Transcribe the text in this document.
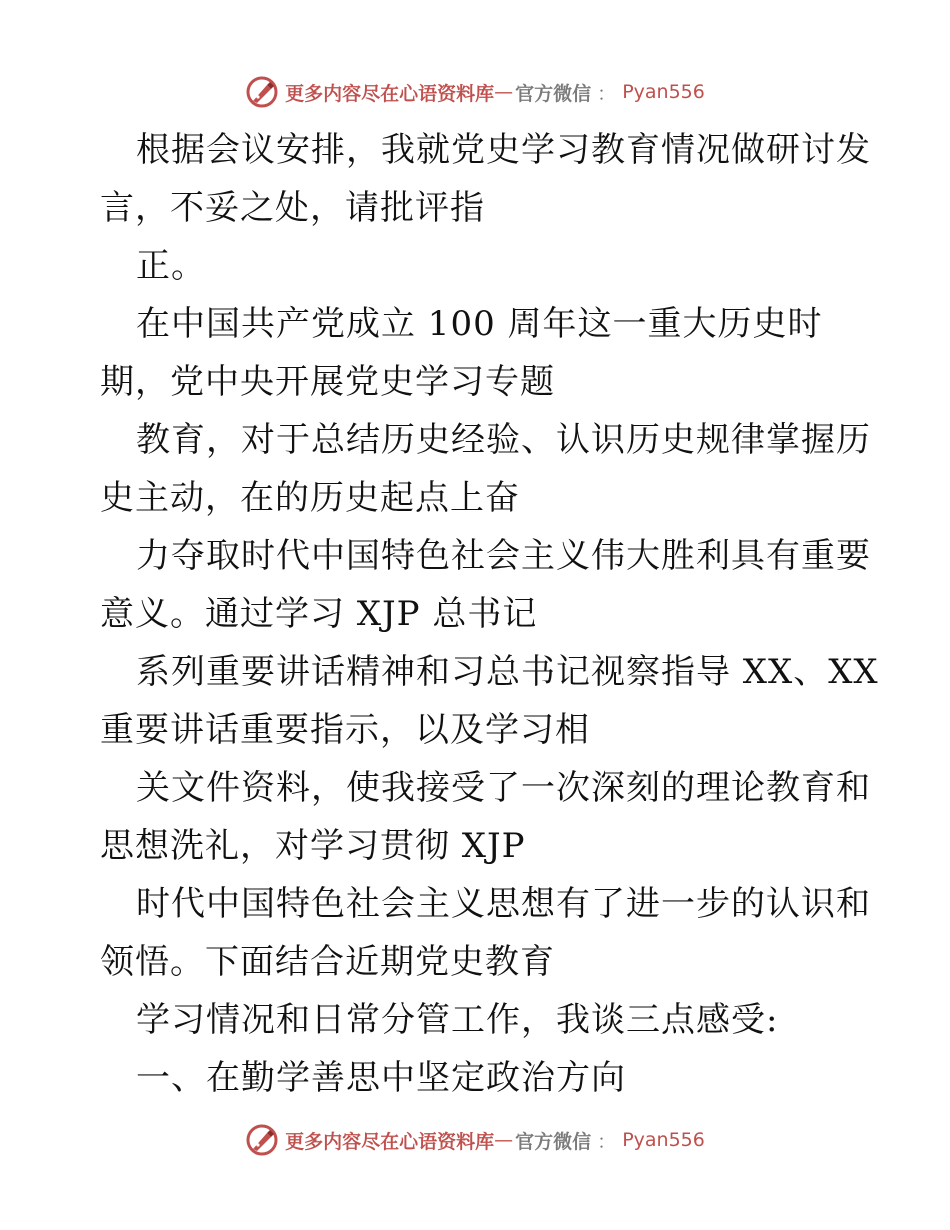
更多内容尽在心语资料库 — 官方微信 ： Pyan556
根据会议安排，我就党史学习教育情况做研讨发
言，不妥之处，请批评指
正。
在中国共产党成立 100 周年这一重大历史时
期，党中央开展党史学习专题
教育，对于总结历史经验、认识历史规律掌握历
史主动，在的历史起点上奋
力夺取时代中国特色社会主义伟大胜利具有重要
意义。通过学习 XJP 总书记
系列重要讲话精神和习总书记视察指导 XX、XX
重要讲话重要指示，以及学习相
关文件资料，使我接受了一次深刻的理论教育和
思想洗礼，对学习贯彻 XJP
时代中国特色社会主义思想有了进一步的认识和
领悟。下面结合近期党史教育
学习情况和日常分管工作，我谈三点感受:
一、在勤学善思中坚定政治方向
更多内容尽在心语资料库 — 官方微信 ： Pyan556
